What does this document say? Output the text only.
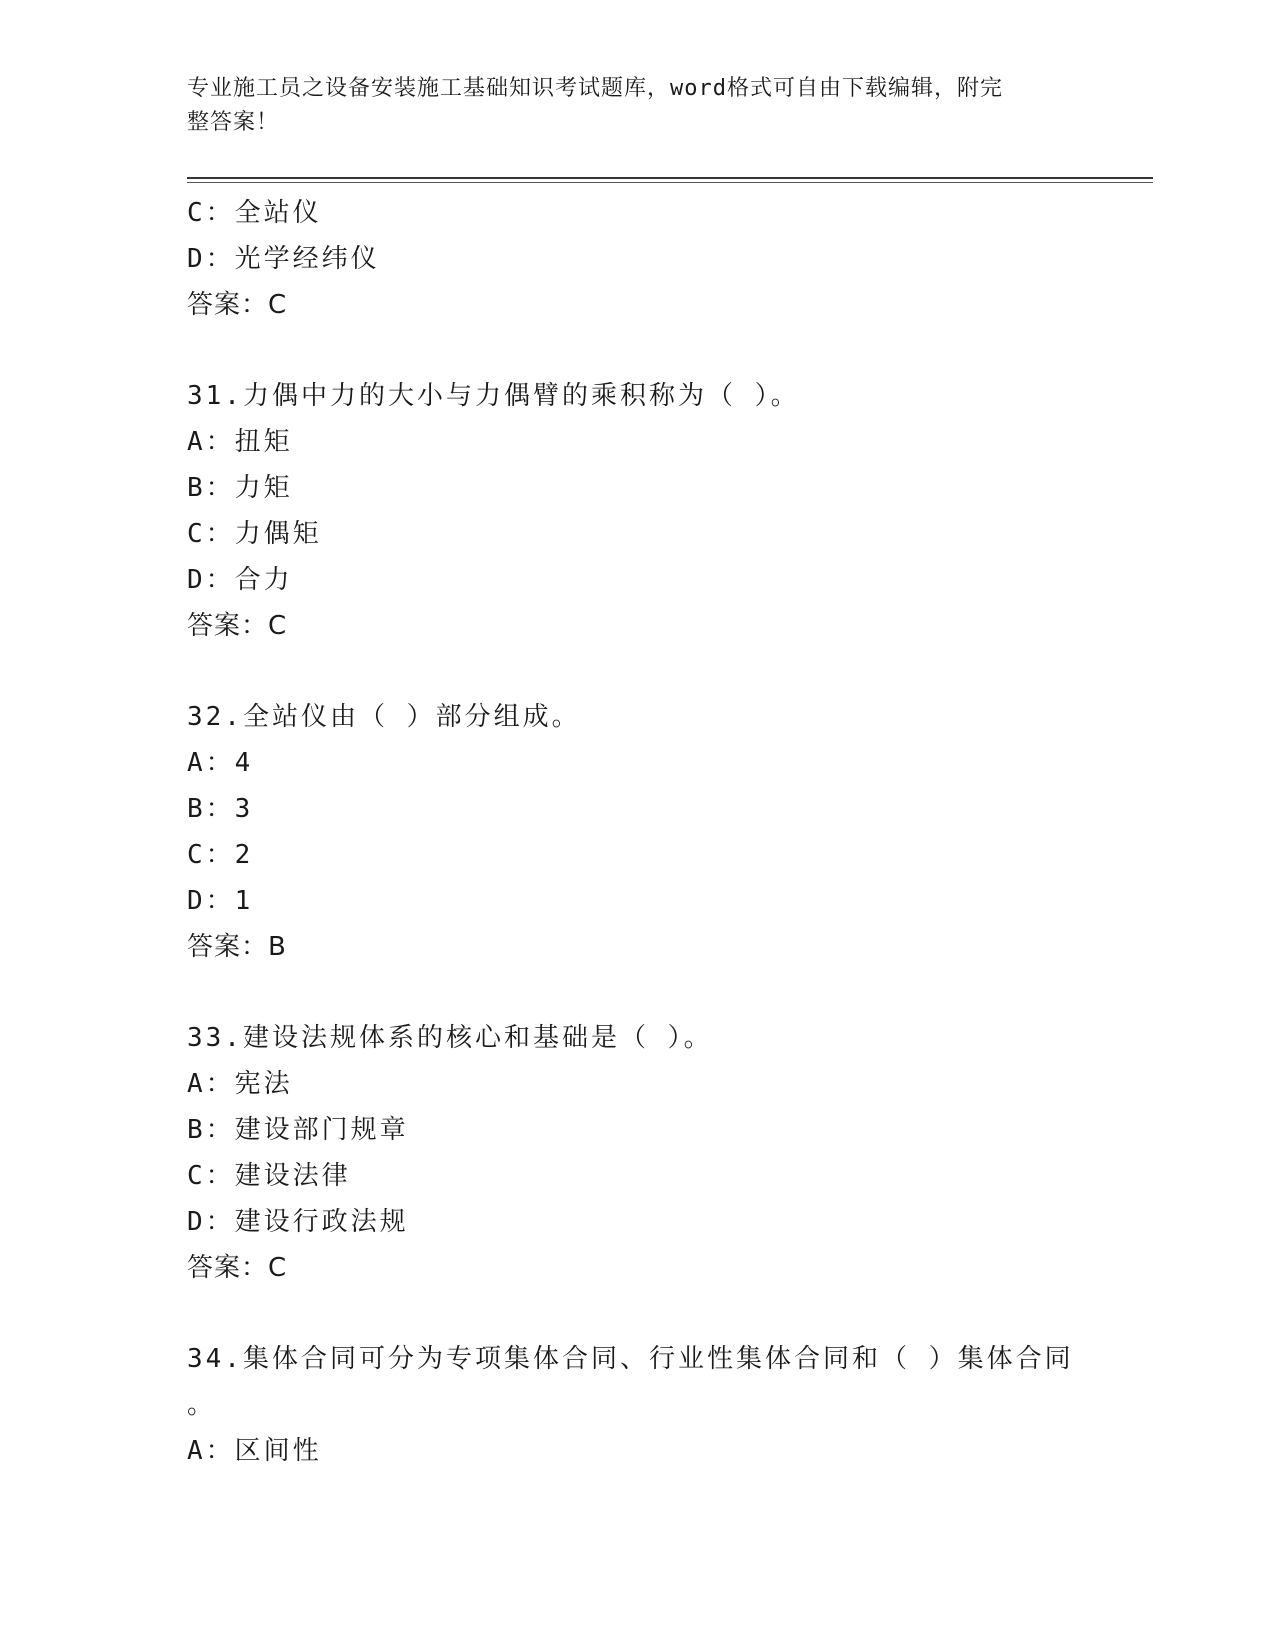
专业施工员之设备安装施工基础知识考试题库，word格式可自由下载编辑，附完
整答案！
C：全站仪
D：光学经纬仪
答案：C
31.力偶中力的大小与力偶臂的乘积称为（ ）。
A：扭矩
B：力矩
C：力偶矩
D：合力
答案：C
32.全站仪由（ ）部分组成。
A：4
B：3
C：2
D：1
答案：B
33.建设法规体系的核心和基础是（ ）。
A：宪法
B：建设部门规章
C：建设法律
D：建设行政法规
答案：C
34.集体合同可分为专项集体合同、行业性集体合同和（ ）集体合同
。
A：区间性
